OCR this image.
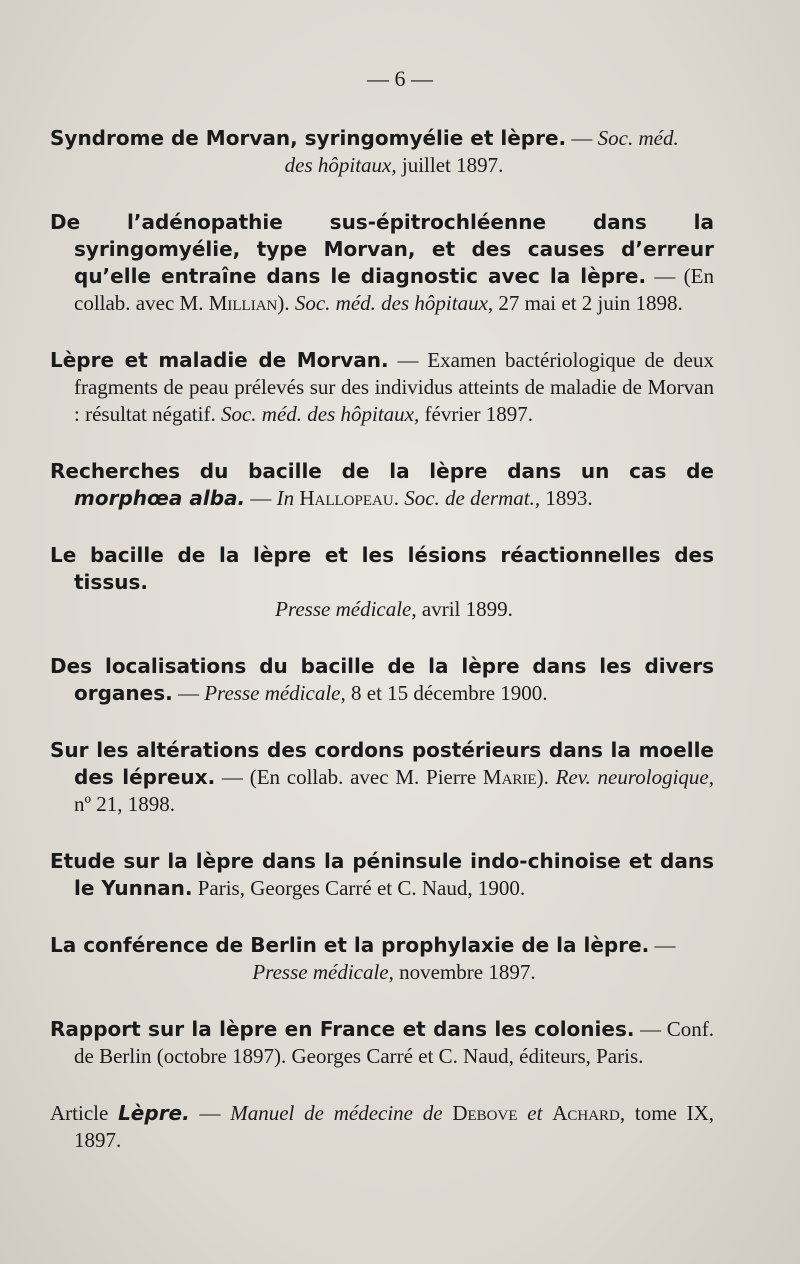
— 6 —

Syndrome de Morvan, syringomyélie et lèpre. — Soc. méd.
des hôpitaux, juillet 1897.

De l’adénopathie sus-épitrochléenne dans la syringomyélie, type Morvan, et des causes d’erreur qu’elle entraîne dans le diagnostic avec la lèpre. — (En collab. avec M. Millian). Soc. méd. des hôpitaux, 27 mai et 2 juin 1898.

Lèpre et maladie de Morvan. — Examen bactériologique de deux fragments de peau prélevés sur des individus atteints de maladie de Morvan : résultat négatif. Soc. méd. des hôpitaux, février 1897.

Recherches du bacille de la lèpre dans un cas de morphœa alba. — In Hallopeau. Soc. de dermat., 1893.

Le bacille de la lèpre et les lésions réactionnelles des tissus.
Presse médicale, avril 1899.

Des localisations du bacille de la lèpre dans les divers organes. — Presse médicale, 8 et 15 décembre 1900.

Sur les altérations des cordons postérieurs dans la moelle des lépreux. — (En collab. avec M. Pierre Marie). Rev. neurologique, nº 21, 1898.

Etude sur la lèpre dans la péninsule indo-chinoise et dans le Yunnan. Paris, Georges Carré et C. Naud, 1900.

La conférence de Berlin et la prophylaxie de la lèpre. —
Presse médicale, novembre 1897.

Rapport sur la lèpre en France et dans les colonies. — Conf. de Berlin (octobre 1897). Georges Carré et C. Naud, éditeurs, Paris.

Article Lèpre. — Manuel de médecine de Debove et Achard, tome IX, 1897.
